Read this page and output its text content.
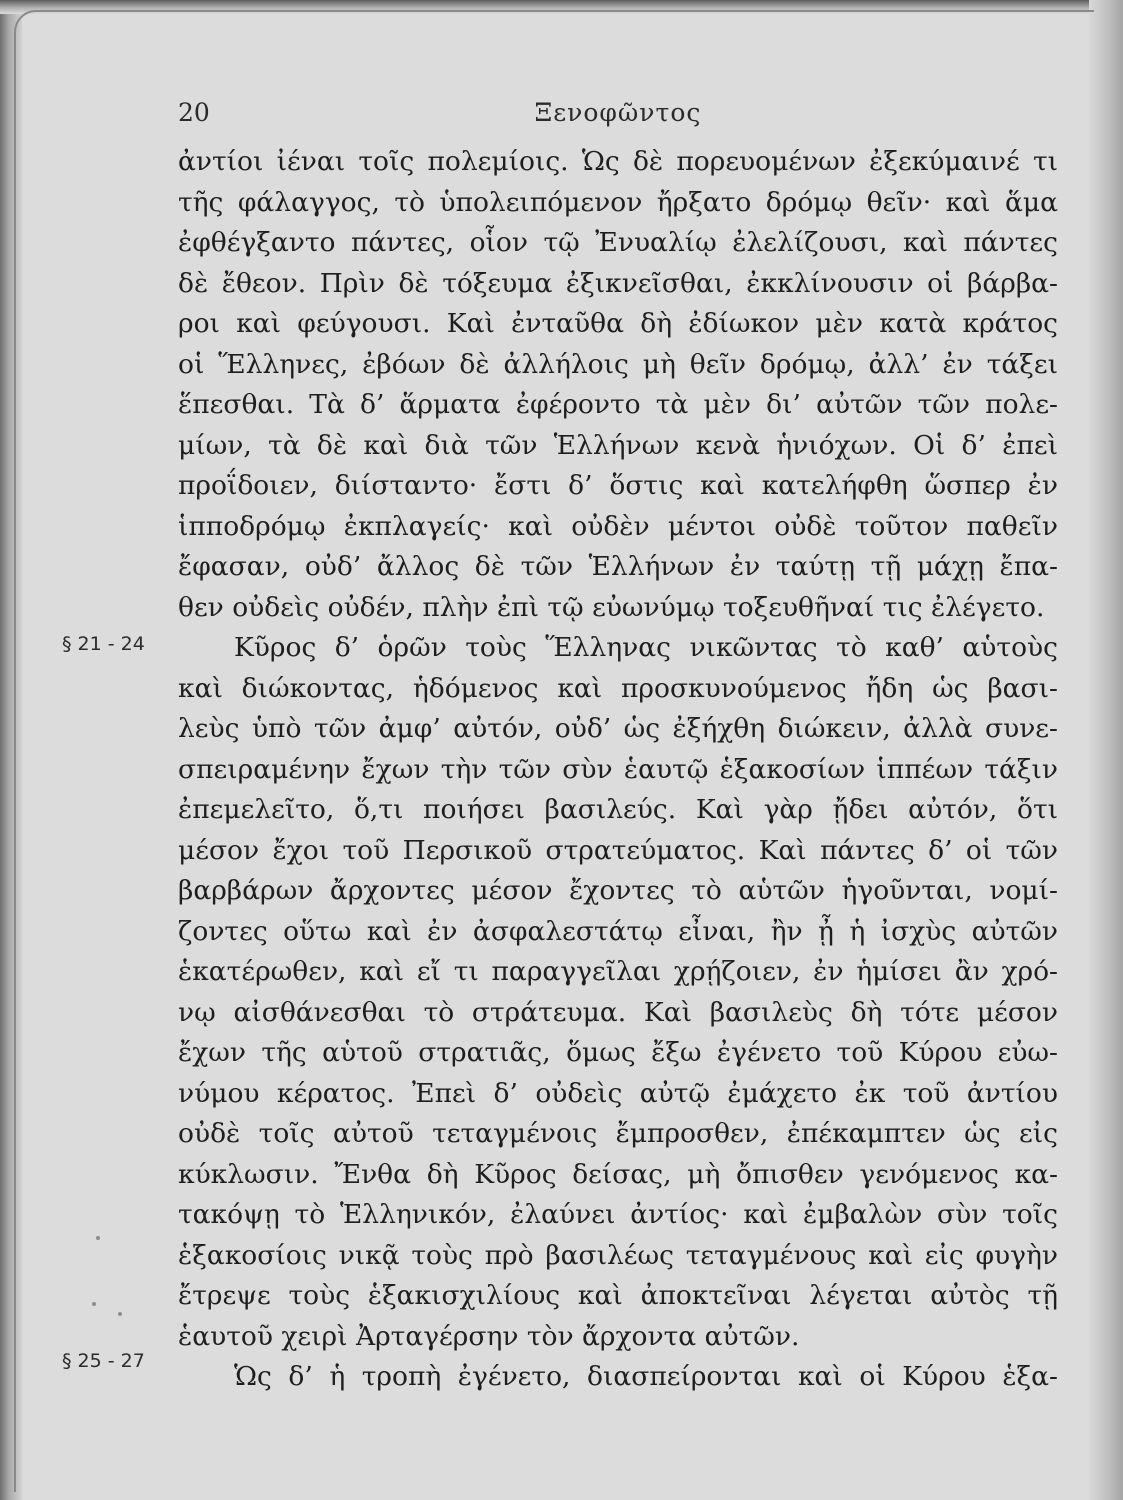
20	Ξενοφῶντος
ἀντίοι ἰέναι τοῖς πολεμίοις. Ὡς δὲ πορευομένων ἐξεκύμαινέ τι
τῆς φάλαγγος, τὸ ὑπολειπόμενον ἤρξατο δρόμῳ θεῖν· καὶ ἅμα
ἐφθέγξαντο πάντες, οἷον τῷ Ἐνυαλίῳ ἐλελίζουσι, καὶ πάντες
δὲ ἔθεον. Πρὶν δὲ τόξευμα ἐξικνεῖσθαι, ἐκκλίνουσιν οἱ βάρβα-
ροι καὶ φεύγουσι. Καὶ ἐνταῦθα δὴ ἐδίωκον μὲν κατὰ κράτος
οἱ Ἕλληνες, ἐβόων δὲ ἀλλήλοις μὴ θεῖν δρόμῳ, ἀλλ’ ἐν τάξει
ἕπεσθαι. Τὰ δ’ ἅρματα ἐφέροντο τὰ μὲν δι’ αὐτῶν τῶν πολε-
μίων, τὰ δὲ καὶ διὰ τῶν Ἑλλήνων κενὰ ἡνιόχων. Οἱ δ’ ἐπεὶ
προΐδοιεν, διίσταντο· ἔστι δ’ ὅστις καὶ κατελήφθη ὥσπερ ἐν
ἱπποδρόμῳ ἐκπλαγείς· καὶ οὐδὲν μέντοι οὐδὲ τοῦτον παθεῖν
ἔφασαν, οὐδ’ ἄλλος δὲ τῶν Ἑλλήνων ἐν ταύτῃ τῇ μάχῃ ἔπα-
θεν οὐδεὶς οὐδέν, πλὴν ἐπὶ τῷ εὐωνύμῳ τοξευθῆναί τις ἐλέγετο.
Κῦρος δ’ ὁρῶν τοὺς Ἕλληνας νικῶντας τὸ καθ’ αὑτοὺς
καὶ διώκοντας, ἡδόμενος καὶ προσκυνούμενος ἤδη ὡς βασι-
λεὺς ὑπὸ τῶν ἀμφ’ αὐτόν, οὐδ’ ὡς ἐξήχθη διώκειν, ἀλλὰ συνε-
σπειραμένην ἔχων τὴν τῶν σὺν ἑαυτῷ ἑξακοσίων ἱππέων τάξιν
ἐπεμελεῖτο, ὅ,τι ποιήσει βασιλεύς. Καὶ γὰρ ᾔδει αὐτόν, ὅτι
μέσον ἔχοι τοῦ Περσικοῦ στρατεύματος. Καὶ πάντες δ’ οἱ τῶν
βαρβάρων ἄρχοντες μέσον ἔχοντες τὸ αὑτῶν ἡγοῦνται, νομί-
ζοντες οὕτω καὶ ἐν ἀσφαλεστάτῳ εἶναι, ἢν ᾖ ἡ ἰσχὺς αὐτῶν
ἑκατέρωθεν, καὶ εἴ τι παραγγεῖλαι χρῄζοιεν, ἐν ἡμίσει ἂν χρό-
νῳ αἰσθάνεσθαι τὸ στράτευμα. Καὶ βασιλεὺς δὴ τότε μέσον
ἔχων τῆς αὑτοῦ στρατιᾶς, ὅμως ἔξω ἐγένετο τοῦ Κύρου εὐω-
νύμου κέρατος. Ἐπεὶ δ’ οὐδεὶς αὐτῷ ἐμάχετο ἐκ τοῦ ἀντίου
οὐδὲ τοῖς αὐτοῦ τεταγμένοις ἔμπροσθεν, ἐπέκαμπτεν ὡς εἰς
κύκλωσιν. Ἔνθα δὴ Κῦρος δείσας, μὴ ὄπισθεν γενόμενος κα-
τακόψῃ τὸ Ἑλληνικόν, ἐλαύνει ἀντίος· καὶ ἐμβαλὼν σὺν τοῖς
ἑξακοσίοις νικᾷ τοὺς πρὸ βασιλέως τεταγμένους καὶ εἰς φυγὴν
ἔτρεψε τοὺς ἑξακισχιλίους καὶ ἀποκτεῖναι λέγεται αὐτὸς τῇ
ἑαυτοῦ χειρὶ Ἀρταγέρσην τὸν ἄρχοντα αὐτῶν.
Ὡς δ’ ἡ τροπὴ ἐγένετο, διασπείρονται καὶ οἱ Κύρου ἑξα-
§ 21 - 24
§ 25 - 27
